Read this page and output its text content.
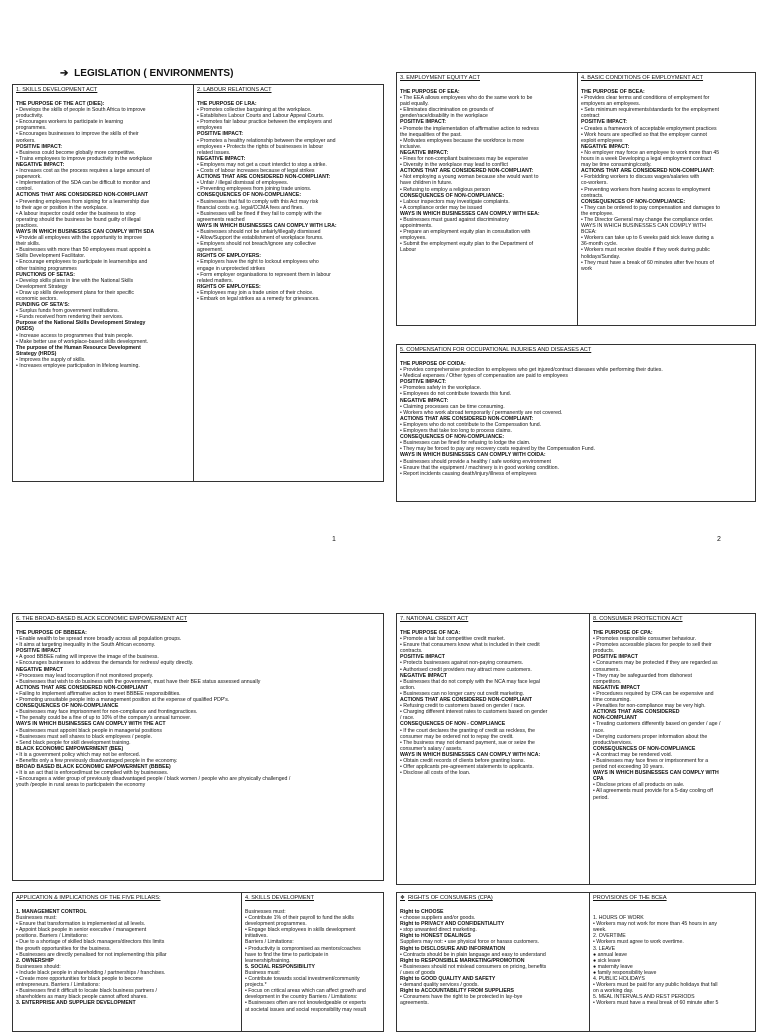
➔ LEGISLATION ( ENVIRONMENTS)
1. SKILLS DEVELOPMENT ACT
THE PURPOSE OF THE ACT (DIEE):
• Develops the skills of people in South Africa to improve
productivity.
• Encourages workers to participate in learning
programmes.
• Encourages businesses to improve the skills of their
workers.
POSITIVE IMPACT:
• Business could become globally more competitive.
• Trains employees to improve productivity in the workplace
NEGATIVE IMPACT:
• Increases cost as the process requires a large amount of
paperwork.
• Implementation of the SDA can be difficult to monitor and
control.
ACTIONS THAT ARE CONSIDERED NON-COMPLIANT
• Preventing employees from signing for a learnership due
to their age or position in the workplace.
• A labour inspector could order the business to stop
operating should the business be found guilty of illegal
practices.
WAYS IN WHICH BUSINESSES CAN COMPLY WITH SDA
• Provide all employees with the opportunity to improve
their skills.
• Businesses with more than 50 employees must appoint a
Skills Development Facilitator.
• Encourage employees to participate in learnerships and
other training programmes
FUNCTIONS OF SETAS:
• Develop skills plans in line with the National Skills
Development Strategy
• Draw up skills development plans for their specific
economic sectors.
FUNDING OF SETA'S:
• Surplus funds from government institutions.
• Funds received from rendering their services.
Purpose of the National Skills Development Strategy
(NSDS)
• Increase access to programmes that train people.
• Make better use of workplace-based skills development.
The purpose of the Human Resource Development
Strategy (HRDS)
• Improves the supply of skills.
• Increases employee participation in lifelong learning.
2. LABOUR RELATIONS ACT
THE PURPOSE OF LRA:
• Promotes collective bargaining at the workplace.
• Establishes Labour Courts and Labour Appeal Courts.
• Promotes fair labour practice between the employers and
employees
POSITIVE IMPACT:
• Promotes a healthy relationship between the employer and
employees • Protects the rights of businesses in labour
related issues.
NEGATIVE IMPACT:
• Employers may not get a court interdict to stop a strike.
• Costs of labour increases because of legal strikes
ACTIONS THAT ARE CONSIDERED NON-COMPLIANT:
• Unfair / illegal dismissal of employees.
• Preventing employees from joining trade unions.
CONSEQUENCES OF NON-COMPLIANCE:
• Businesses that fail to comply with this Act may risk
financial costs e.g. legal/CCMA fees and fines.
• Businesses will be fined if they fail to comply with the
agreements reached
WAYS IN WHICH BUSINESSES CAN COMPLY WITH LRA:
• Businesses should not be unfairly/illegally dismissed
• Allow/Support the establishment of workplace forums.
• Employers should not breach/ignore any collective
agreement.
RIGHTS OF EMPLOYERS:
• Employers have the right to lockout employees who
engage in unprotected strikes
• Form employer organisations to represent them in labour
related matters.
RIGHTS OF EMPLOYEES:
• Employees may join a trade union of their choice.
• Embark on legal strikes as a remedy for grievances.
3. EMPLOYMENT EQUITY ACT
THE PURPOSE OF EEA:
• The EEA allows employees who do the same work to be
paid equally.
• Eliminates discrimination on grounds of
gender/race/disability in the workplace
POSITIVE IMPACT:
• Promote the implementation of affirmative action to redress
the inequalities of the past.
• Motivates employees because the workforce is more
inclusive.
NEGATIVE IMPACT:
• Fines for non-compliant businesses may be expensive
• Diversity in the workplace may lead to conflict
ACTIONS THAT ARE CONSIDERED NON-COMPLIANT:
• Not employing a young woman because she would want to
have children in future.
• Refusing to employ a religious person
CONSEQUENCES OF NON-COMPLIANCE:
• Labour inspectors may investigate complaints.
• A compliance order may be issued
WAYS IN WHICH BUSINESSES CAN COMPLY WITH EEA:
• Businesses must guard against discriminatory
appointments.
• Prepare an employment equity plan in consultation with
employees.
• Submit the employment equity plan to the Department of
Labour
4. BASIC CONDITIONS OF EMPLOYMENT ACT
THE PURPOSE OF BCEA:
• Provides clear terms and conditions of employment for
employers an employees.
• Sets minimum requirements/standards for the employment
contract
POSITIVE IMPACT:
• Creates a framework of acceptable employment practices
• Work hours are specified so that the employer cannot
exploit employees
NEGATIVE IMPACT:
• No employer may force an employee to work more than 45
hours in a week Developing a legal employment contract
may be time consuming/costly.
ACTIONS THAT ARE CONSIDERED NON-COMPLIANT:
• Forbidding workers to discuss wages/salaries with
co-workers.
• Preventing workers from having access to employment
contracts.
CONSEQUENCES OF NON-COMPLIANCE:
• They can be ordered to pay compensation and damages to
the employee.
• The Director General may change the compliance order.
WAYS IN WHICH BUSINESSES CAN COMPLY WITH
BCEA:
• Workers can take up to 6 weeks paid sick leave during a
36-month cycle.
• Workers must receive double if they work during public
holidays/Sunday.
• They must have a break of 60 minutes after five hours of
work
5. COMPENSATION FOR OCCUPATIONAL INJURIES AND DISEASES ACT
THE PURPOSE OF COIDA:
• Provides comprehensive protection to employees who get injured/contract diseases while performing their duties.
• Medical expenses / Other types of compensation are paid to employees
POSITIVE IMPACT:
• Promotes safety in the workplace.
• Employees do not contribute towards this fund.
NEGATIVE IMPACT:
• Claiming processes can be time consuming.
• Workers who work abroad temporarily / permanently are not covered.
ACTIONS THAT ARE CONSIDERED NON-COMPLIANT:
• Employers who do not contribute to the Compensation fund.
• Employers that take too long to process claims.
CONSEQUENCES OF NON-COMPLIANCE:
• Businesses can be fined for refusing to lodge the claim.
• They may be forced to pay any recovery costs required by the Compensation Fund.
WAYS IN WHICH BUSINESSES CAN COMPLY WITH COIDA:
• Businesses should provide a healthy / safe working environment
• Ensure that the equipment / machinery is in good working condition.
• Report incidents causing death/injury/illness of employees
1	2
6. THE BROAD-BASED BLACK ECONOMIC EMPOWERMENT ACT
THE PURPOSE OF BBBEEA:
• Enable wealth to be spread more broadly across all population groups.
• It aims at targeting inequality in the South African economy.
POSITIVE IMPACT
• A good BBBEE rating will improve the image of the business.
• Encourages businesses to address the demands for redress/ equity directly.
NEGATIVE IMPACT
• Processes may lead tocorruption if not monitored properly.
• Businesses that wish to do business with the government, must have their BEE status assessed annually
ACTIONS THAT ARE CONSIDERED NON-COMPLIANT
• Failing to implement affirmative action to meet BBBEE responsibilities.
• Promoting unsuitable people into a management position at the expense of qualified PDP's.
CONSEQUENCES OF NON-COMPLIANCE
• Businesses may face imprisonment for non-compliance and frontingpractices.
• The penalty could be a fine of up to 10% of the company's annual turnover.
WAYS IN WHICH BUSINESSES CAN COMPLY WITH THE ACT
• Businesses must appoint black people in managerial positions
• Businesses must sell shares to black employees / people.
• Send black people for skill development training.
BLACK ECONOMIC EMPOWERMENT (BEE)
• It is a government policy which may not be enforced.
• Benefits only a few previously disadvantaged people in the economy.
BROAD BASED BLACK ECONOMIC EMPOWERMENT (BBBEE)
• It is an act that is enforced/must be complied with by businesses.
• Encourages a wider group of previously disadvantaged people / black women / people who are physically challenged /
youth /people in rural areas to participatein the economy
APPLICATION & IMPLICATIONS OF THE FIVE PILLARS:
1. MANAGEMENT CONTROL
Businesses must:
• Ensure that transformation is implemented at all levels.
• Appoint black people in senior executive / management
positions. Barriers / Limitations:
• Due to a shortage of skilled black managers/directors this limits
the growth opportunities for the business.
• Businesses are directly penalised for not implementing this pillar
2. OWNERSHIP
Businesses should:
• Include black people in shareholding / partnerships / franchises.
• Create more opportunities for black people to become
entrepreneurs. Barriers / Limitations:
• Businesses find it difficult to locate black business partners /
shareholders as many black people cannot afford shares.
3. ENTERPRISE AND SUPPLIER DEVELOPMENT
4. SKILLS DEVELOPMENT
Businesses must:
• Contribute 1% of their payroll to fund the skills
development programmes.
• Engage black employees in skills development
initiatives.
Barriers / Limitations:
• Productivity is compromised as mentors/coaches
have to find the time to participate in
learnership/training.
5. SOCIAL RESPONSIBILITY
Business must:
• Contribute towards social investment/community
projects.*
• Focus on critical areas which can affect growth and
development in the country Barriers / Limitations:
• Businesses often are not knowledgeable or experts
at societal issues and social responsibility may result
7. NATIONAL CREDIT ACT
THE PURPOSE OF NCA:
• Promote a fair but competitive credit market.
• Ensure that consumers know what is included in their credit
contracts.
POSITIVE IMPACT
• Protects businesses against non-paying consumers.
• Authorised credit providers may attract more customers.
NEGATIVE IMPACT
• Businesses that do not comply with the NCA may face legal
action.
• Businesses can no longer carry out credit marketing.
ACTIONS THAT ARE CONSIDERED NON-COMPLIANT
• Refusing credit to customers based on gender / race.
• Charging different interest rates to customers based on gender
/ race.
CONSEQUENCES OF NON - COMPLIANCE
• If the court declares the granting of credit as reckless, the
consumer may be ordered not to repay the credit.
• The business may not demand payment, sue or seize the
consumer's salary / assets.
WAYS IN WHICH BUSINESSES CAN COMPLY WITH NCA:
• Obtain credit records of clients before granting loans.
• Offer applicants pre-agreement statements to applicants.
• Disclose all costs of the loan.
8. CONSUMER PROTECTION ACT
THE PURPOSE OF CPA:
• Promotes responsible consumer behaviour.
• Promotes accessible places for people to sell their
products.
POSITIVE IMPACT
• Consumers may be protected if they are regarded as
consumers.
• They may be safeguarded from dishonest
competitors.
NEGATIVE IMPACT
• Procedures required by CPA can be expensive and
time consuming.
• Penalties for non-compliance may be very high.
ACTIONS THAT ARE CONSIDERED
NON-COMPLIANT
• Treating customers differently based on gender / age /
race.
• Denying customers proper information about the
product/services.
CONSEQUENCES OF NON-COMPLIANCE
• A contract may be rendered void.
• Businesses may face fines or imprisonment for a
period not exceeding 10 years.
WAYS IN WHICH BUSINESSES CAN COMPLY WITH
CPA
• Disclose prices of all products on sale.
• All agreements must provide for a 5-day cooling off
period.
❖ RIGHTS OF CONSUMERS (CPA)
Right to CHOOSE
• choose suppliers and/or goods.
Right to PRIVACY AND CONFIDENTIALITY
• stop unwanted direct marketing.
Right to HONEST DEALINGS
Suppliers may not: • use physical force or harass customers.
Right to DISCLOSURE AND INFORMATION
• Contracts should be in plain language and easy to understand
Right to RESPONSIBLE MARKETING/PROMOTION
• Businesses should not mislead consumers on pricing, benefits
/ uses of goods
Right to GOOD QUALITY AND SAFETY
• demand quality services / goods.
Right to ACCOUNTABILITY FROM SUPPLIERS
• Consumers have the right to be protected in lay-bye
agreements.
PROVISIONS OF THE BCEA
1. HOURS OF WORK
• Workers may not work for more than 45 hours in any
week.
2. OVERTIME
• Workers must agree to work overtime.
3. LEAVE
● annual leave
● sick leave
● maternity leave
● family responsibility leave
4. PUBLIC HOLIDAYS
• Workers must be paid for any public holidays that fall
on a working day.
5. MEAL INTERVALS AND REST PERIODS
• Workers must have a meal break of 60 minute after 5
